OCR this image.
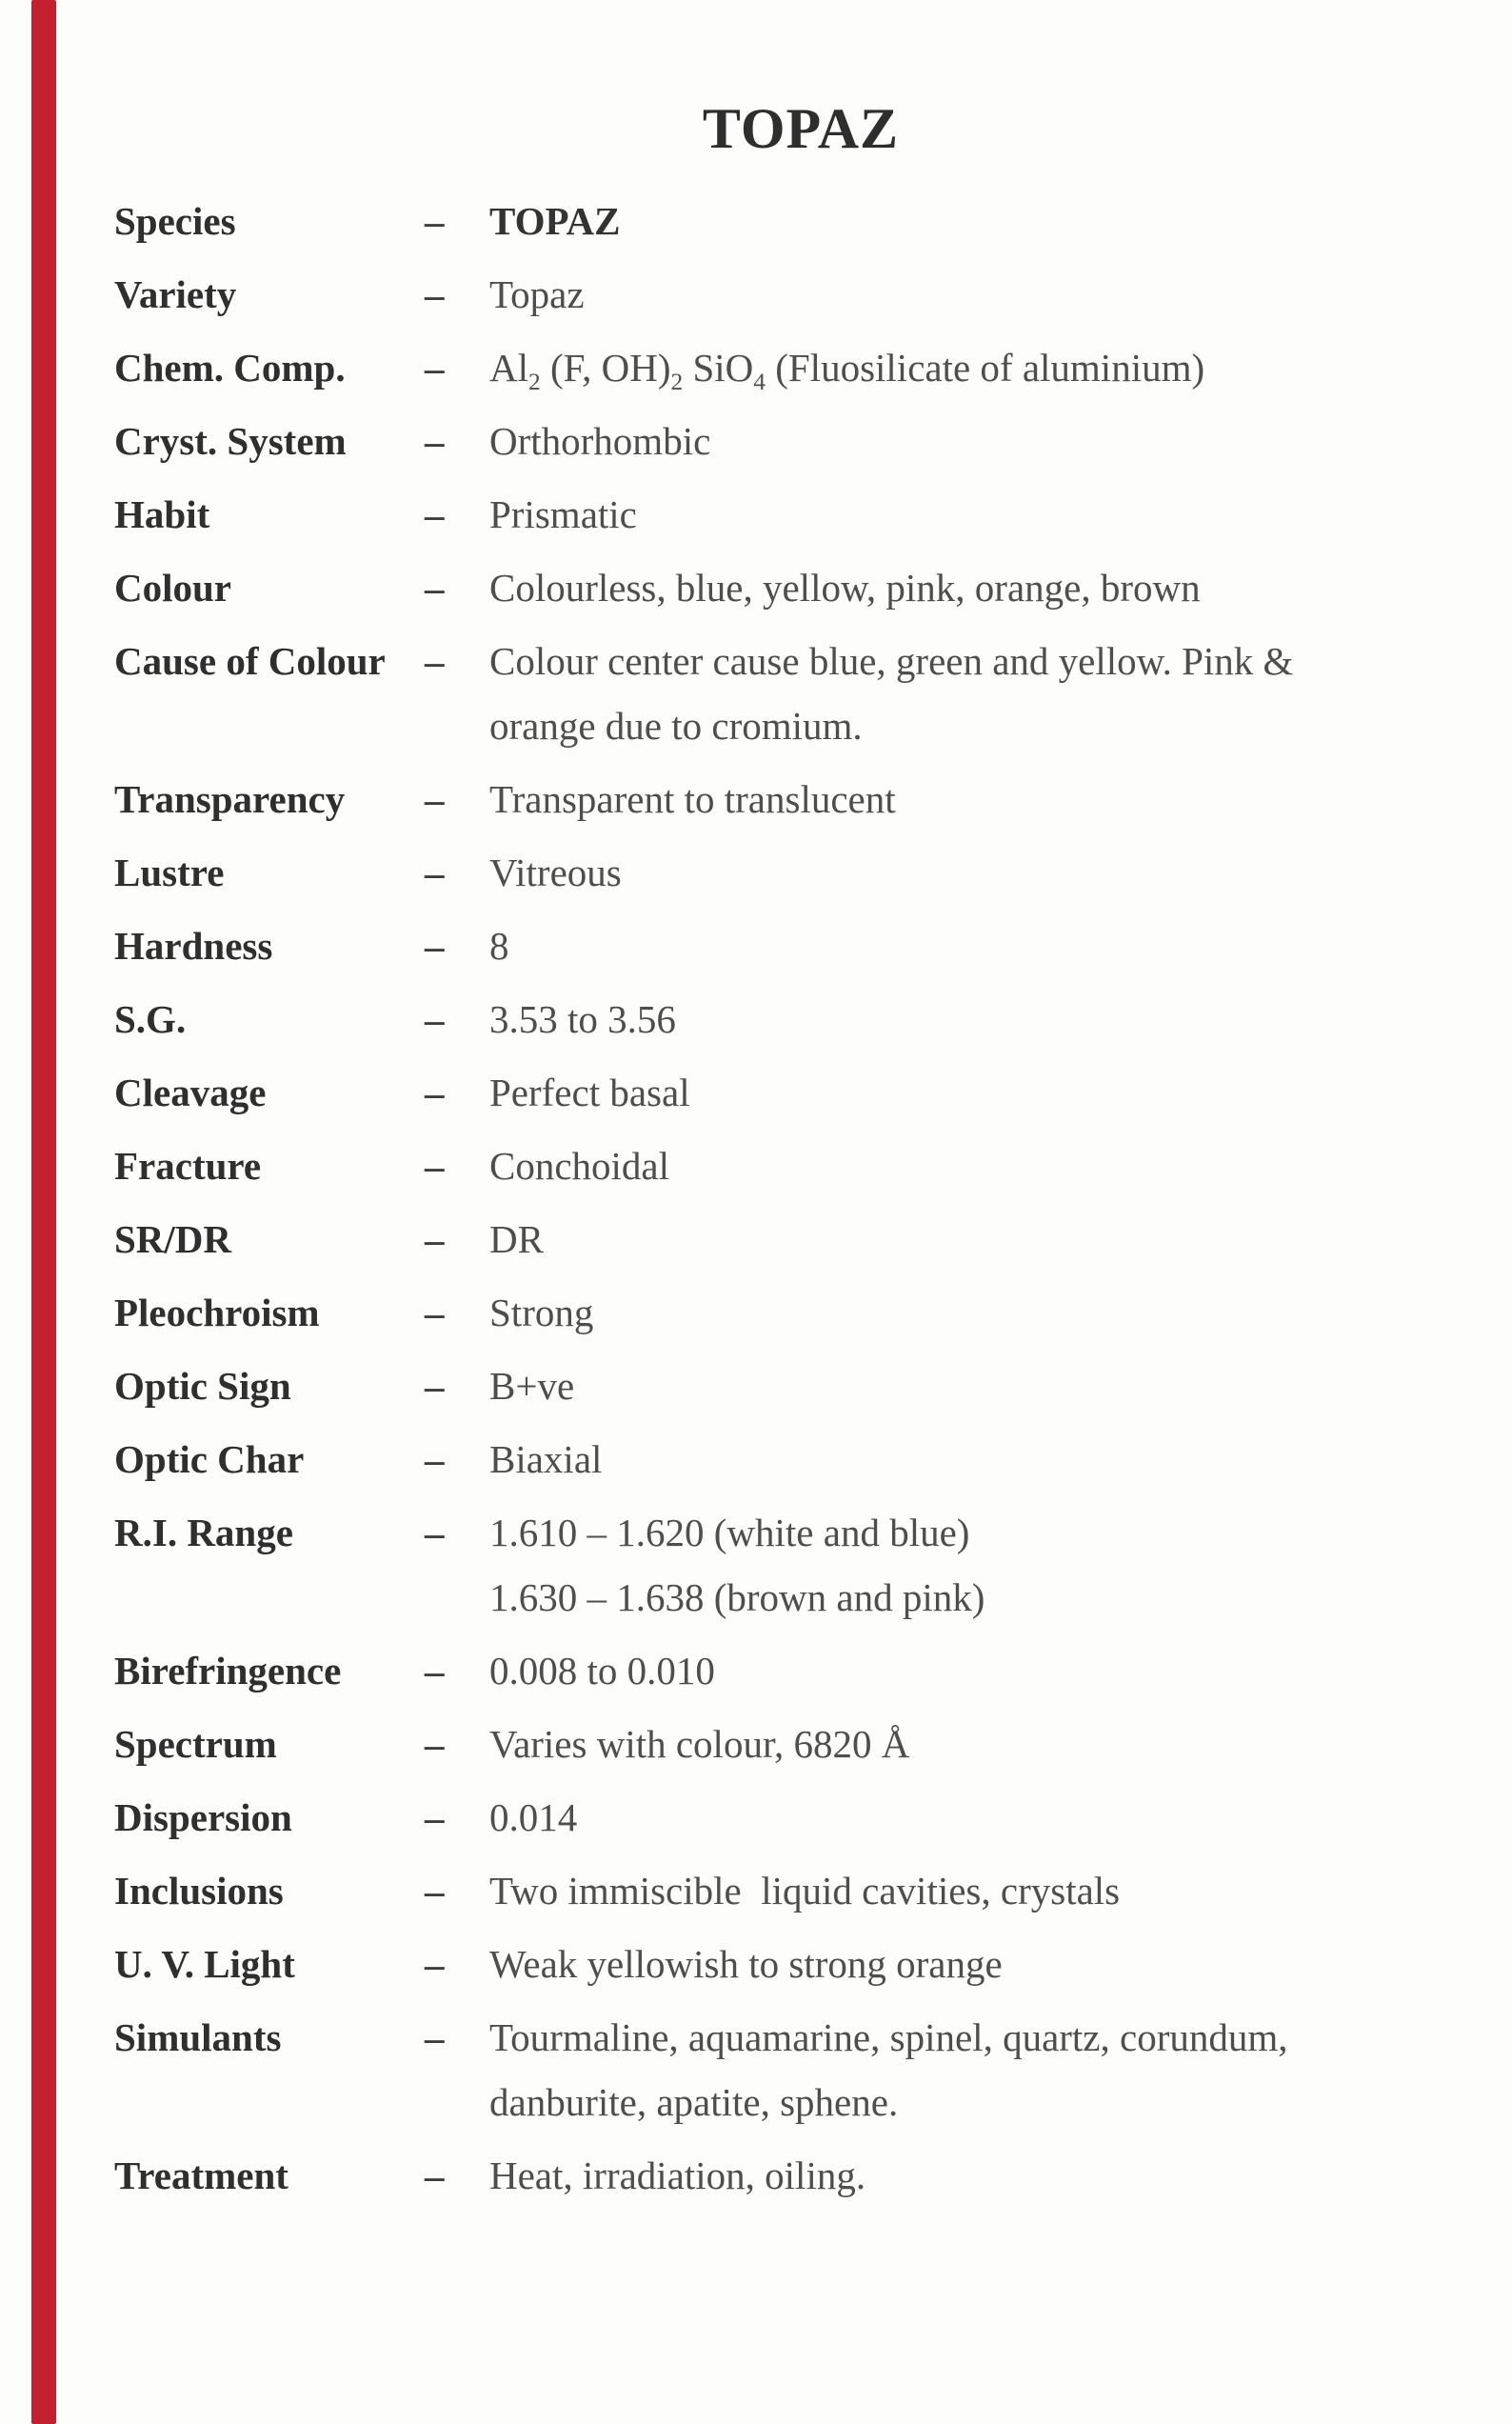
TOPAZ
Species	–	TOPAZ
Variety	–	Topaz
Chem. Comp.	–	$Al_2$ (F, $OH)_2$ SiO$_4$ (Fluosilicate of aluminium)
Cryst. System	–	Orthorhombic
Habit	–	Prismatic
Colour	–	Colourless, blue, yellow, pink, orange, brown
Cause of Colour	–	Colour center cause blue, green and yellow. Pink &
orange due to cromium.
Transparency	–	Transparent to translucent
Lustre	–	Vitreous
Hardness	–	8
S.G.	–	3.53 to 3.56
Cleavage	–	Perfect basal
Fracture	–	Conchoidal
SR/DR	–	DR
Pleochroism	–	Strong
Optic Sign	–	B+ve
Optic Char	–	Biaxial
R.I. Range	–	1.610 – 1.620 (white and blue)
1.630 – 1.638 (brown and pink)
Birefringence	–	0.008 to 0.010
Spectrum	–	Varies with colour, 6820 Å
Dispersion	–	0.014
Inclusions	–	Two immiscible  liquid cavities, crystals
U. V. Light	–	Weak yellowish to strong orange
Simulants	–	Tourmaline, aquamarine, spinel, quartz, corundum,
danburite, apatite, sphene.
Treatment	–	Heat, irradiation, oiling.
